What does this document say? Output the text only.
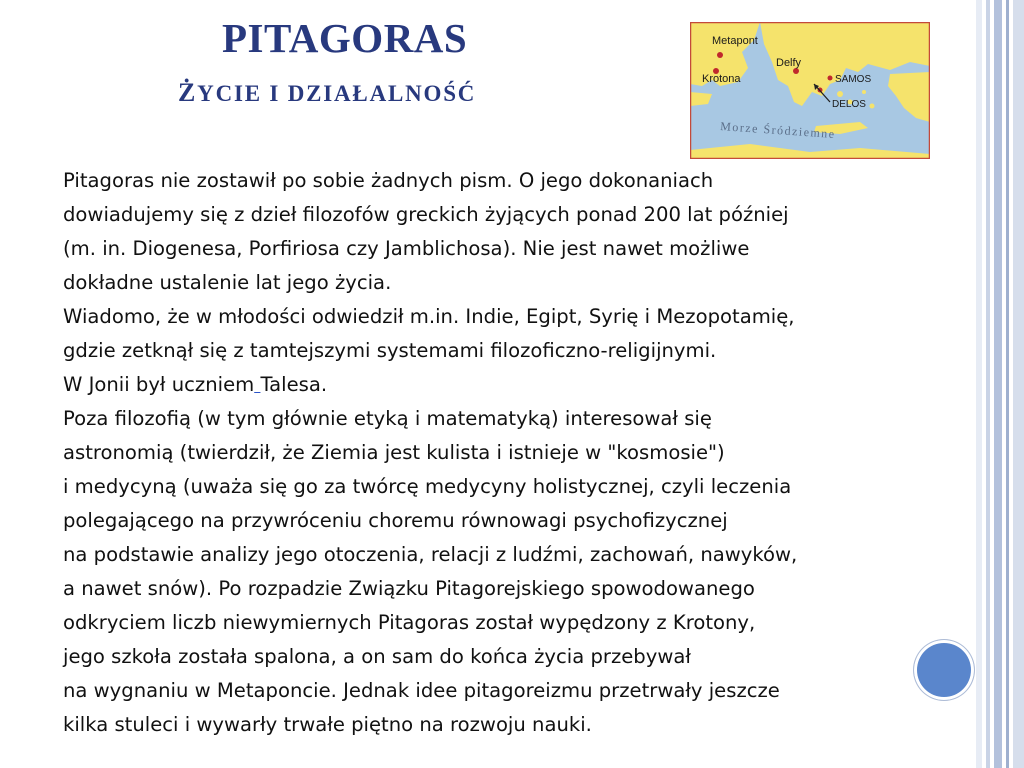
PITAGORAS
ŻYCIE I DZIAŁALNOŚĆ
Metapont
Krotona
Delfy
SAMOS
DELOS
Morze Śródziemne

Pitagoras nie zostawił po sobie żadnych pism. O jego dokonaniach

dowiadujemy się z dzieł filozofów greckich żyjących ponad 200 lat później

(m. in. Diogenesa, Porfiriosa czy Jamblichosa). Nie jest nawet możliwe

dokładne ustalenie lat jego życia.

Wiadomo, że w młodości odwiedził m.in. Indie, Egipt, Syrię i Mezopotamię,

gdzie zetknął się z tamtejszymi systemami filozoficzno-religijnymi.

W Jonii był uczniem Talesa.

Poza filozofią (w tym głównie etyką i matematyką) interesował się

astronomią (twierdził, że Ziemia jest kulista i istnieje w "kosmosie")

i medycyną (uważa się go za twórcę medycyny holistycznej, czyli leczenia

polegającego na przywróceniu choremu równowagi psychofizycznej

na podstawie analizy jego otoczenia, relacji z ludźmi, zachowań, nawyków,

a nawet snów). Po rozpadzie Związku Pitagorejskiego spowodowanego

odkryciem liczb niewymiernych Pitagoras został wypędzony z Krotony,

jego szkoła została spalona, a on sam do końca życia przebywał

na wygnaniu w Metaponcie. Jednak idee pitagoreizmu przetrwały jeszcze

kilka stuleci i wywarły trwałe piętno na rozwoju nauki.
